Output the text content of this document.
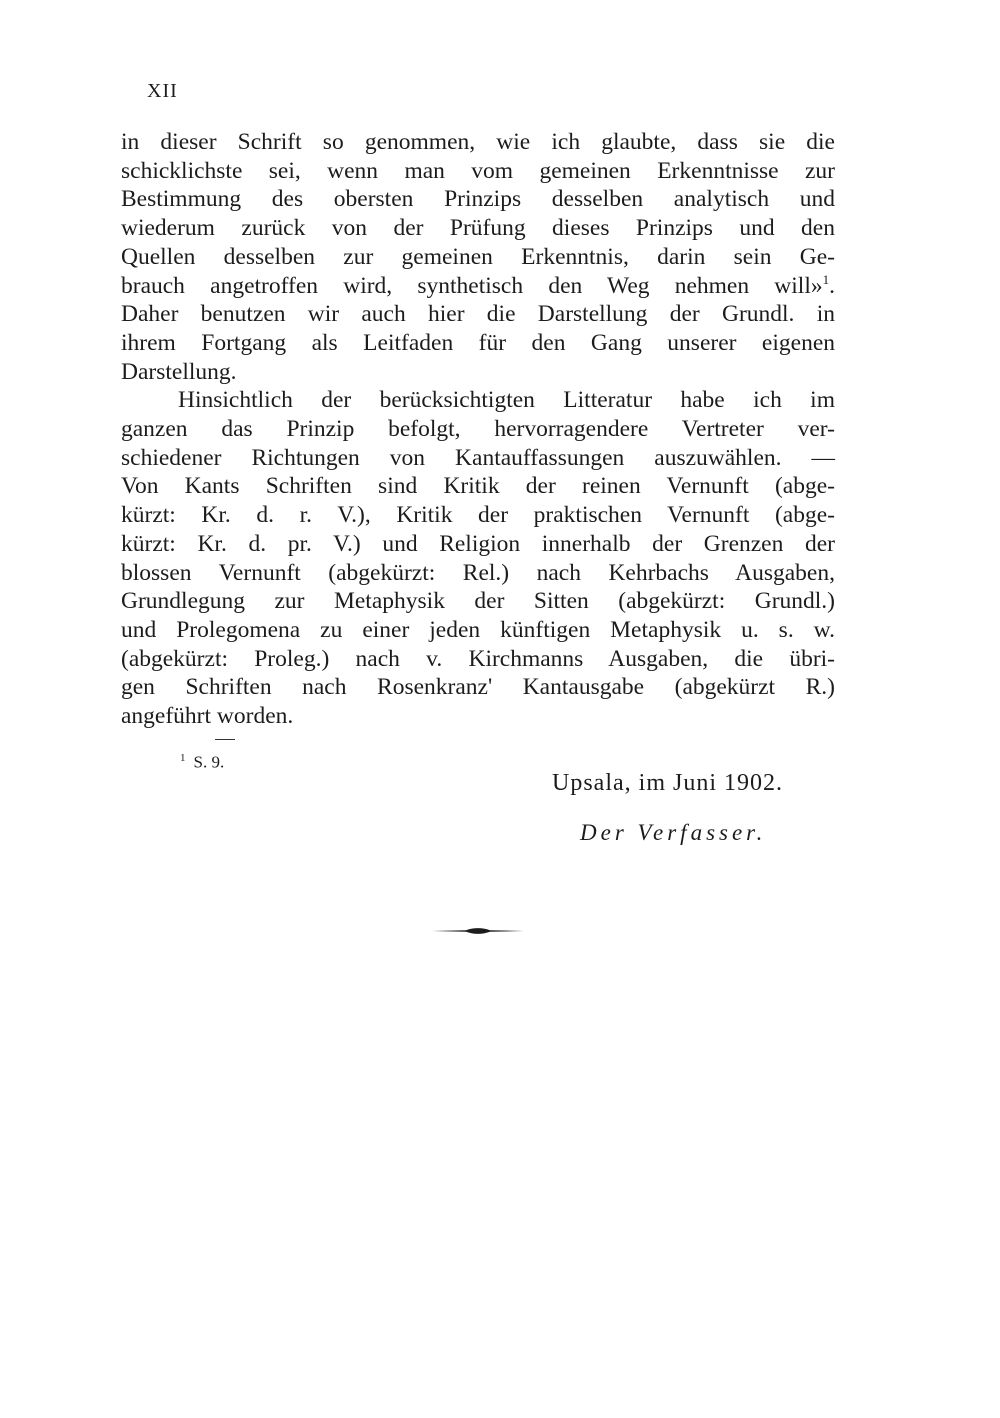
XII
in dieser Schrift so genommen, wie ich glaubte, dass sie die
schicklichste sei, wenn man vom gemeinen Erkenntnisse zur
Bestimmung des obersten Prinzips desselben analytisch und
wiederum zurück von der Prüfung dieses Prinzips und den
Quellen desselben zur gemeinen Erkenntnis, darin sein Ge-
brauch angetroffen wird, synthetisch den Weg nehmen will»$^1$.
Daher benutzen wir auch hier die Darstellung der Grundl. in
ihrem Fortgang als Leitfaden für den Gang unserer eigenen
Darstellung.
Hinsichtlich der berücksichtigten Litteratur habe ich im
ganzen das Prinzip befolgt, hervorragendere Vertreter ver-
schiedener Richtungen von Kantauffassungen auszuwählen. —
Von Kants Schriften sind Kritik der reinen Vernunft (abge-
kürzt: Kr. d. r. V.), Kritik der praktischen Vernunft (abge-
kürzt: Kr. d. pr. V.) und Religion innerhalb der Grenzen der
blossen Vernunft (abgekürzt: Rel.) nach Kehrbachs Ausgaben,
Grundlegung zur Metaphysik der Sitten (abgekürzt: Grundl.)
und Prolegomena zu einer jeden künftigen Metaphysik u. s. w.
(abgekürzt: Proleg.) nach v. Kirchmanns Ausgaben, die übri-
gen Schriften nach Rosenkranz' Kantausgabe (abgekürzt R.)
angeführt worden.
$^1$ S. 9.
Upsala, im Juni 1902.
Der Verfasser.
